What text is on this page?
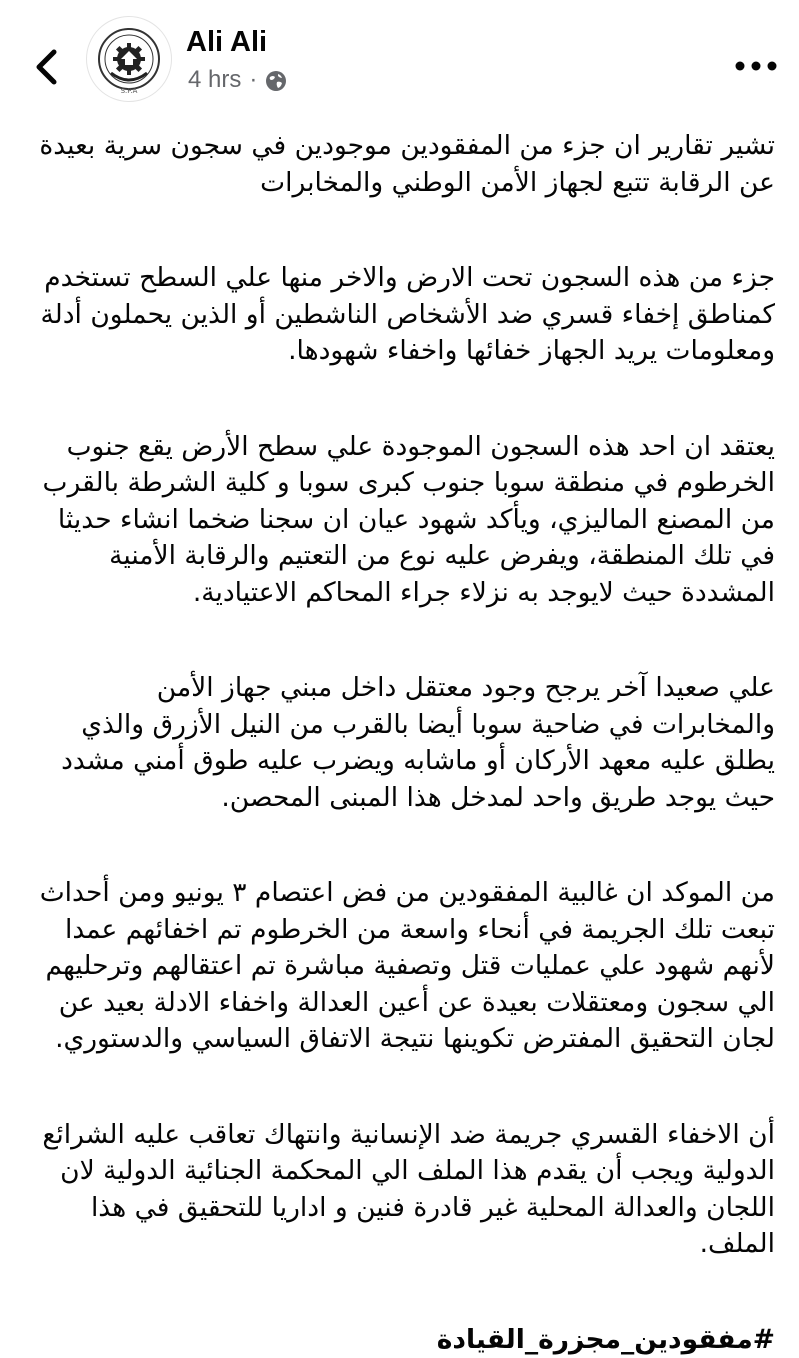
S.P.A
Ali Ali
4 hrs ·

تشير تقارير ان جزء من المفقودين موجودين في سجون سرية بعيدة عن الرقابة تتبع لجهاز الأمن الوطني والمخابرات

جزء من هذه السجون تحت الارض والاخر منها علي السطح تستخدم كمناطق إخفاء قسري ضد الأشخاص الناشطين أو الذين يحملون أدلة ومعلومات يريد الجهاز خفائها واخفاء شهودها.

يعتقد ان احد هذه السجون الموجودة علي سطح الأرض يقع جنوب الخرطوم في منطقة سوبا جنوب كبرى سوبا و كلية الشرطة بالقرب من المصنع الماليزي، ويأكد شهود عيان ان سجنا ضخما انشاء حديثا في تلك المنطقة، ويفرض عليه نوع من التعتيم والرقابة الأمنية المشددة حيث لايوجد به نزلاء جراء المحاكم الاعتيادية.

علي صعيدا آخر يرجح وجود معتقل داخل مبني جهاز الأمن والمخابرات في ضاحية سوبا أيضا بالقرب من النيل الأزرق والذي يطلق عليه معهد الأركان أو ماشابه ويضرب عليه طوق أمني مشدد حيث يوجد طريق واحد لمدخل هذا المبنى المحصن.

من الموكد ان غالبية المفقودين من فض اعتصام ٣ يونيو ومن أحداث تبعت تلك الجريمة في أنحاء واسعة من الخرطوم تم اخفائهم عمدا لأنهم شهود علي عمليات قتل وتصفية مباشرة تم اعتقالهم وترحليهم الي سجون ومعتقلات بعيدة عن أعين العدالة واخفاء الادلة بعيد عن لجان التحقيق المفترض تكوينها نتيجة الاتفاق السياسي والدستوري.

أن الاخفاء القسري جريمة ضد الإنسانية وانتهاك تعاقب عليه الشرائع الدولية ويجب أن يقدم هذا الملف الي المحكمة الجنائية الدولية لان اللجان والعدالة المحلية غير قادرة فنين و اداريا للتحقيق في هذا الملف.

#مفقودين_مجزرة_القيادة
